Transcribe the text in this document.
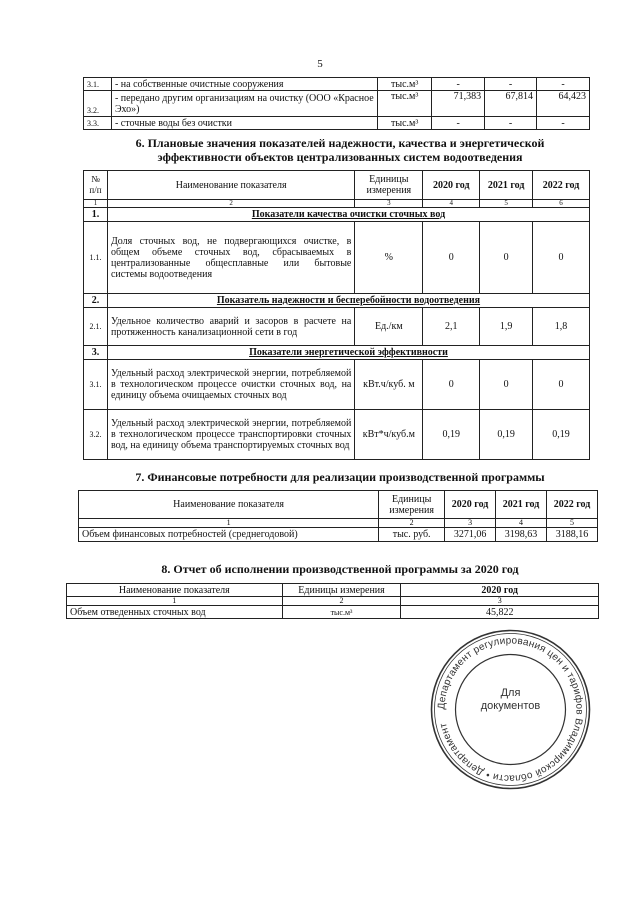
5
3.1.	- на собственные очистные сооружения	тыс.м³	-	-	-
3.2.	- передано другим организациям на очистку (ООО «Красное Эхо»)	тыс.м³	71,383	67,814	64,423
3.3.	- сточные воды без очистки	тыс.м³	-	-	-
6. Плановые значения показателей надежности, качества и энергетической
эффективности объектов централизованных систем водоотведения
№ п/п	Наименование показателя	Единицы измерения	2020 год	2021 год	2022 год
1	2	3	4	5	6
1.	Показатели качества очистки сточных вод				
1.1.	Доля сточных вод, не подвергающихся очистке, в общем объеме сточных вод, сбрасываемых в централизованные общесплавные или бытовые системы водоотведения	%	0	0	0
2.	Показатель надежности и бесперебойности водоотведения				
2.1.	Удельное количество аварий и засоров в расчете на протяженность канализационной сети в год	Ед./км	2,1	1,9	1,8
3.	Показатели энергетической эффективности				
3.1.	Удельный расход электрической энергии, потребляемой в технологическом процессе очистки сточных вод, на единицу объема очищаемых сточных вод	кВт.ч/куб. м	0	0	0
3.2.	Удельный расход электрической энергии, потребляемой в технологическом процессе транспортировки сточных вод, на единицу объема транспортируемых сточных вод	кВт*ч/куб.м	0,19	0,19	0,19
7. Финансовые потребности для реализации производственной программы
Наименование показателя	Единицы измерения	2020 год	2021 год	2022 год
1	2	3	4	5
Объем финансовых потребностей (среднегодовой)	тыс. руб.	3271,06	3198,63	3188,16
8. Отчет об исполнении производственной программы за 2020 год
Наименование показателя	Единицы измерения	2020 год
1	2	3
Объем отведенных сточных вод	тыс.м³	45,822
Департамент регулирования цен и тарифов Владимирской области • Департамент
Для
документов
